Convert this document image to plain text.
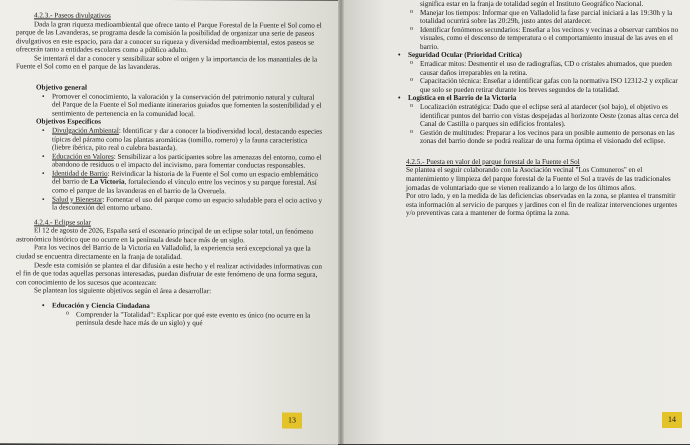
4.2.3.- Paseos divulgativos

Dada la gran riqueza medioambiental que ofrece tanto el Parque Forestal de la Fuente el Sol como el parque de las Lavanderas, se programa desde la comisión la posibilidad de organizar una serie de paseos divulgativos en este espacio, para dar a conocer su riqueza y diversidad medioambiental, estos paseos se ofrecerán tanto a entidades escolares como a público adulto.

Se intentará el dar a conocer y sensibilizar sobre el origen y la importancia de los manantiales de la Fuente el Sol como en el parque de las lavanderas.

Objetivo general

• Promover el conocimiento, la valoración y la conservación del patrimonio natural y cultural del Parque de la Fuente el Sol mediante itinerarios guiados que fomenten la sostenibilidad y el sentimiento de pertenencia en la comunidad local.

Objetivos Específicos

• Divulgación Ambiental: Identificar y dar a conocer la biodiversidad local, destacando especies típicas del páramo como las plantas aromáticas (tomillo, romero) y la fauna característica (liebre ibérica, pito real o culebra bastarda).
• Educación en Valores: Sensibilizar a los participantes sobre las amenazas del entorno, como el abandono de residuos o el impacto del incivismo, para fomentar conductas responsables.
• Identidad de Barrio: Reivindicar la historia de la Fuente el Sol como un espacio emblemático del barrio de La Victoria, fortaleciendo el vínculo entre los vecinos y su parque forestal. Así como el parque de las lavanderas en el barrio de la Overuela.
• Salud y Bienestar: Fomentar el uso del parque como un espacio saludable para el ocio activo y la desconexión del entorno urbano.
4.2.4.- Eclipse solar

El 12 de agosto de 2026, España será el escenario principal de un eclipse solar total, un fenómeno astronómico histórico que no ocurre en la península desde hace más de un siglo.

Para los vecinos del Barrio de la Victoria en Valladolid, la experiencia será excepcional ya que la ciudad se encuentra directamente en la franja de totalidad.

Desde esta comisión se plantea el dar difusión a este hecho y el realizar actividades informativas con el fin de que todas aquellas personas interesadas, puedan disfrutar de este fenómeno de una forma segura, con conocimiento de los sucesos que acontezcan:

Se plantean los siguiente objetivos según el área a desarrollar:

• Educación y Ciencia Ciudadana
o Comprender la "Totalidad": Explicar por qué este evento es único (no ocurre en la península desde hace más de un siglo) y qué
13
significa estar en la franja de totalidad según el Instituto Geográfico Nacional.
o Manejar los tiempos: Informar que en Valladolid la fase parcial iniciará a las 19:30h y la totalidad ocurrirá sobre las 20:29h, justo antes del atardecer.
o Identificar fenómenos secundarios: Enseñar a los vecinos y vecinas a observar cambios no visuales, como el descenso de temperatura o el comportamiento inusual de las aves en el barrio.
• Seguridad Ocular (Prioridad Crítica)
o Erradicar mitos: Desmentir el uso de radiografías, CD o cristales ahumados, que pueden causar daños irreparables en la retina.
o Capacitación técnica: Enseñar a identificar gafas con la normativa ISO 12312-2 y explicar que solo se pueden retirar durante los breves segundos de la totalidad.
• Logística en el Barrio de la Victoria
o Localización estratégica: Dado que el eclipse será al atardecer (sol bajo), el objetivo es identificar puntos del barrio con vistas despejadas al horizonte Oeste (zonas altas cerca del Canal de Castilla o parques sin edificios frontales).
o Gestión de multitudes: Preparar a los vecinos para un posible aumento de personas en las zonas del barrio donde se podrá realizar de una forma óptima el visionado del eclipse.
4.2.5.- Puesta en valor del parque forestal de la Fuente el Sol

Se plantea el seguir colaborando con la Asociación vecinal "Los Comuneros" en el mantenimiento y limpieza del parque forestal de la Fuente el Sol a través de las tradicionales jornadas de voluntariado que se vienen realizando a lo largo de los últimos años.

Por otro lado, y en la medida de las deficiencias observadas en la zona, se plantea el transmitir esta información al servicio de parques y jardines con el fin de realizar intervenciones urgentes y/o preventivas cara a mantener de forma óptima la zona.

14
